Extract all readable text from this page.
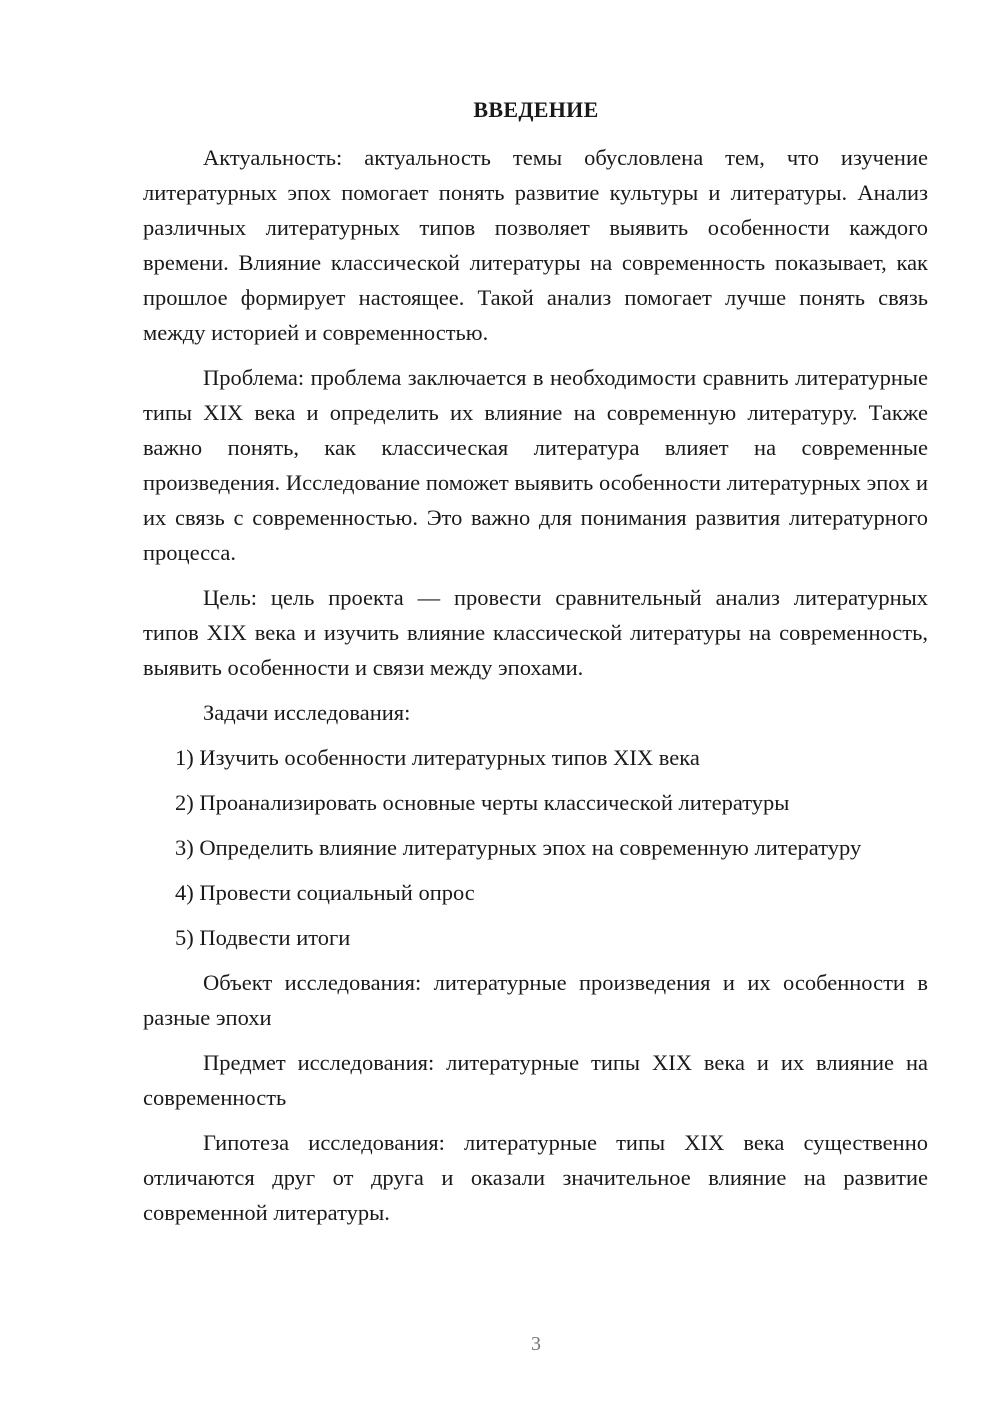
ВВЕДЕНИЕ

Актуальность: актуальность темы обусловлена тем, что изучение литературных эпох помогает понять развитие культуры и литературы. Анализ различных литературных типов позволяет выявить особенности каждого времени. Влияние классической литературы на современность показывает, как прошлое формирует настоящее. Такой анализ помогает лучше понять связь между историей и современностью.

Проблема: проблема заключается в необходимости сравнить литературные типы XIX века и определить их влияние на современную литературу. Также важно понять, как классическая литература влияет на современные произведения. Исследование поможет выявить особенности литературных эпох и их связь с современностью. Это важно для понимания развития литературного процесса.

Цель: цель проекта — провести сравнительный анализ литературных типов XIX века и изучить влияние классической литературы на современность, выявить особенности и связи между эпохами.

Задачи исследования:

1) Изучить особенности литературных типов XIX века

2) Проанализировать основные черты классической литературы

3) Определить влияние литературных эпох на современную литературу

4) Провести социальный опрос

5) Подвести итоги

Объект исследования: литературные произведения и их особенности в разные эпохи

Предмет исследования: литературные типы XIX века и их влияние на современность

Гипотеза исследования: литературные типы XIX века существенно отличаются друг от друга и оказали значительное влияние на развитие современной литературы.

3
